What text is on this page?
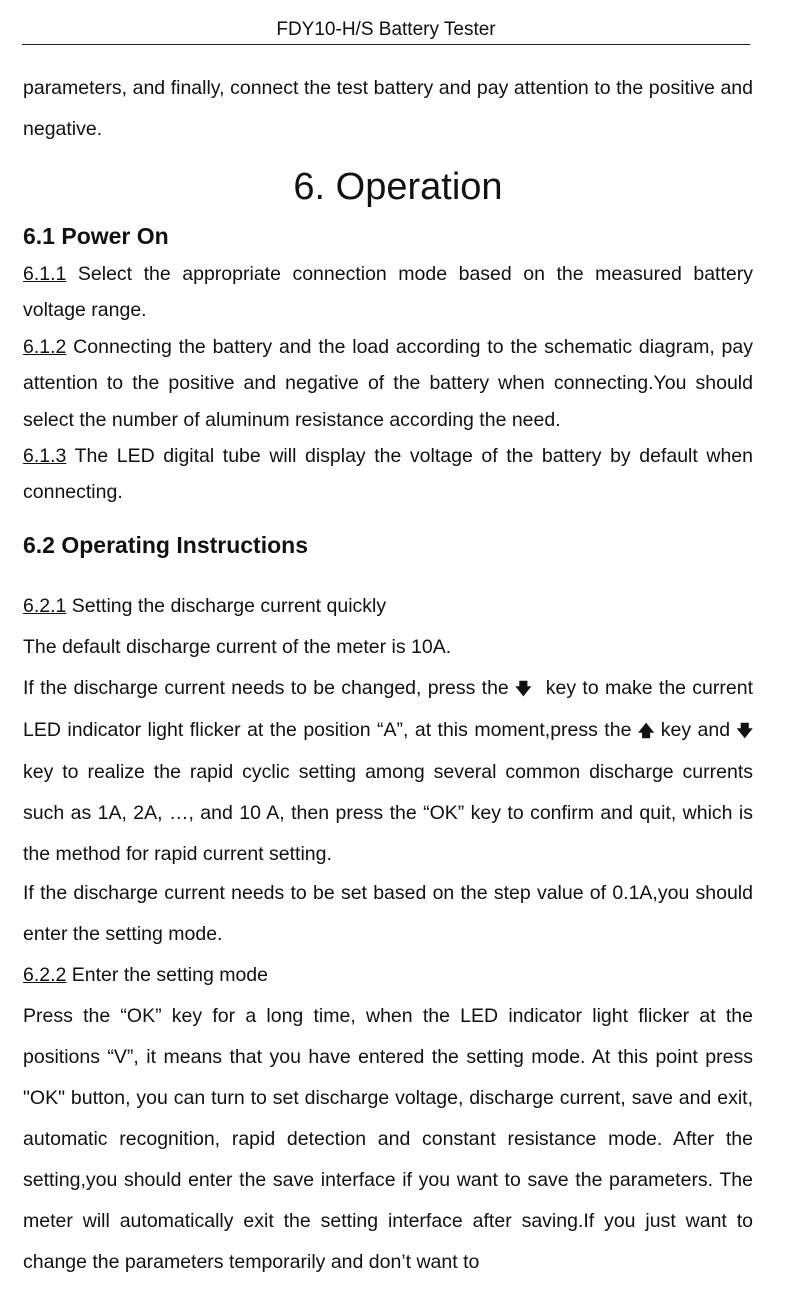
FDY10-H/S Battery Tester

parameters, and finally, connect the test battery and pay attention to the positive and negative.

6. Operation
6.1 Power On

6.1.1 Select the appropriate connection mode based on the measured battery voltage range.

6.1.2 Connecting the battery and the load according to the schematic diagram, pay attention to the positive and negative of the battery when connecting.You should select the number of aluminum resistance according the need.

6.1.3 The LED digital tube will display the voltage of the battery by default when connecting.

6.2 Operating Instructions

6.2.1 Setting the discharge current quickly

The default discharge current of the meter is 10A.

If the discharge current needs to be changed, press the 🡇 key to make the current LED indicator light flicker at the position “A”, at this moment,press the 🡅 key and 🡇 key to realize the rapid cyclic setting among several common discharge currents such as 1A, 2A, …, and 10 A, then press the “OK” key to confirm and quit, which is the method for rapid current setting.

If the discharge current needs to be set based on the step value of 0.1A,you should enter the setting mode.

6.2.2 Enter the setting mode

Press the “OK” key for a long time, when the LED indicator light flicker at the positions “V”, it means that you have entered the setting mode. At this point press "OK" button, you can turn to set discharge voltage, discharge current, save and exit, automatic recognition, rapid detection and constant resistance mode. After the setting,you should enter the save interface if you want to save the parameters. The meter will automatically exit the setting interface after saving.If you just want to change the parameters temporarily and don’t want to
